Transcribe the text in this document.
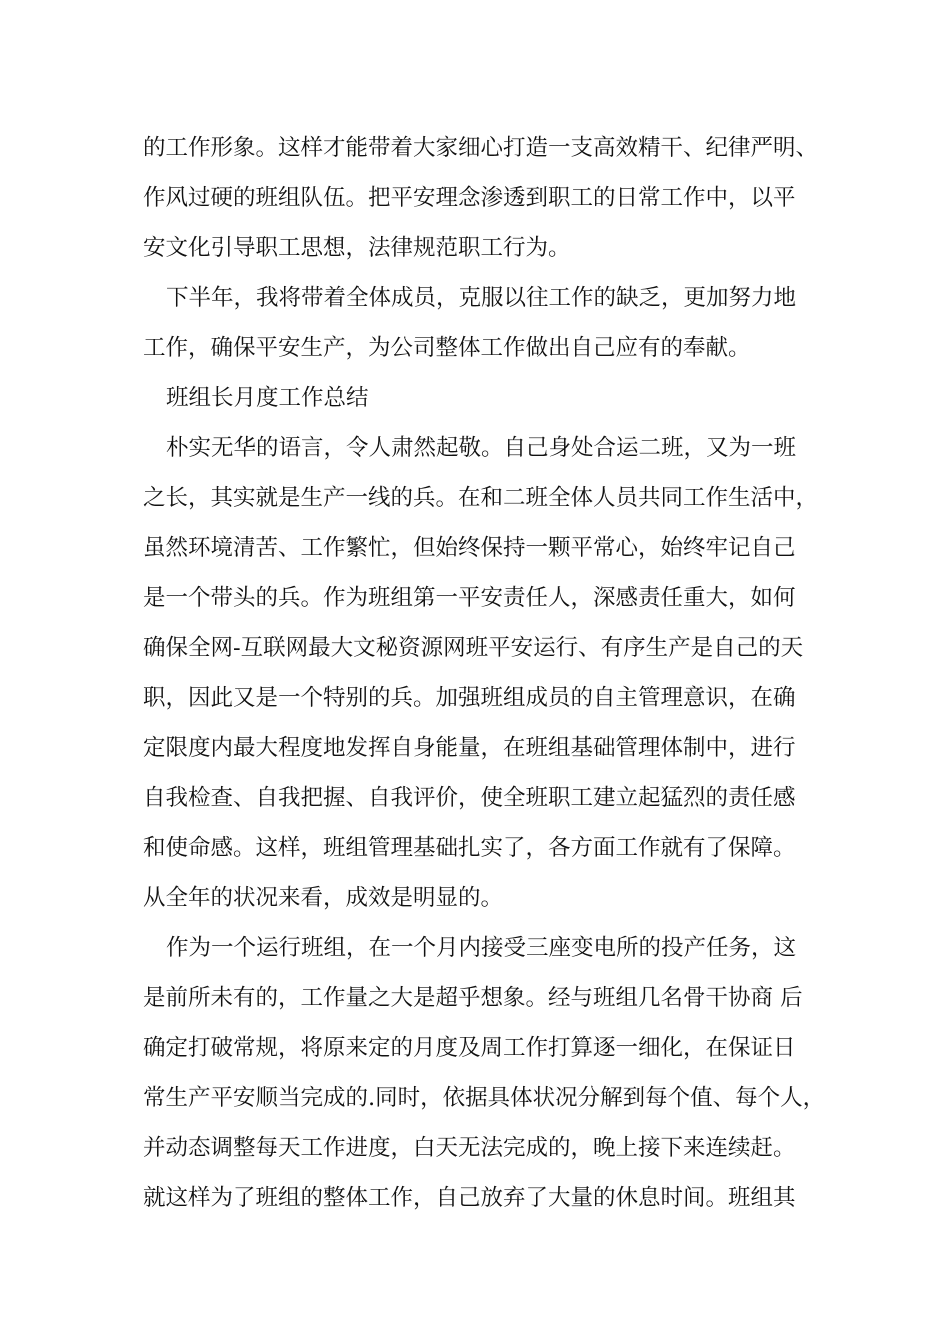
的工作形象。这样才能带着大家细心打造一支高效精干、纪律严明、
作风过硬的班组队伍。把平安理念渗透到职工的日常工作中，以平
安文化引导职工思想，法律规范职工行为。
下半年，我将带着全体成员，克服以往工作的缺乏，更加努力地
工作，确保平安生产，为公司整体工作做出自己应有的奉献。
班组长月度工作总结
朴实无华的语言，令人肃然起敬。自己身处合运二班，又为一班
之长，其实就是生产一线的兵。在和二班全体人员共同工作生活中，
虽然环境清苦、工作繁忙，但始终保持一颗平常心，始终牢记自己
是一个带头的兵。作为班组第一平安责任人，深感责任重大，如何
确保全网-互联网最大文秘资源网班平安运行、有序生产是自己的天
职，因此又是一个特别的兵。加强班组成员的自主管理意识，在确
定限度内最大程度地发挥自身能量，在班组基础管理体制中，进行
自我检查、自我把握、自我评价，使全班职工建立起猛烈的责任感
和使命感。这样，班组管理基础扎实了，各方面工作就有了保障。
从全年的状况来看，成效是明显的。
作为一个运行班组，在一个月内接受三座变电所的投产任务，这
是前所未有的，工作量之大是超乎想象。经与班组几名骨干协商 后
确定打破常规，将原来定的月度及周工作打算逐一细化，在保证日
常生产平安顺当完成的.同时，依据具体状况分解到每个值、每个人，
并动态调整每天工作进度，白天无法完成的，晚上接下来连续赶。
就这样为了班组的整体工作，自己放弃了大量的休息时间。班组其
